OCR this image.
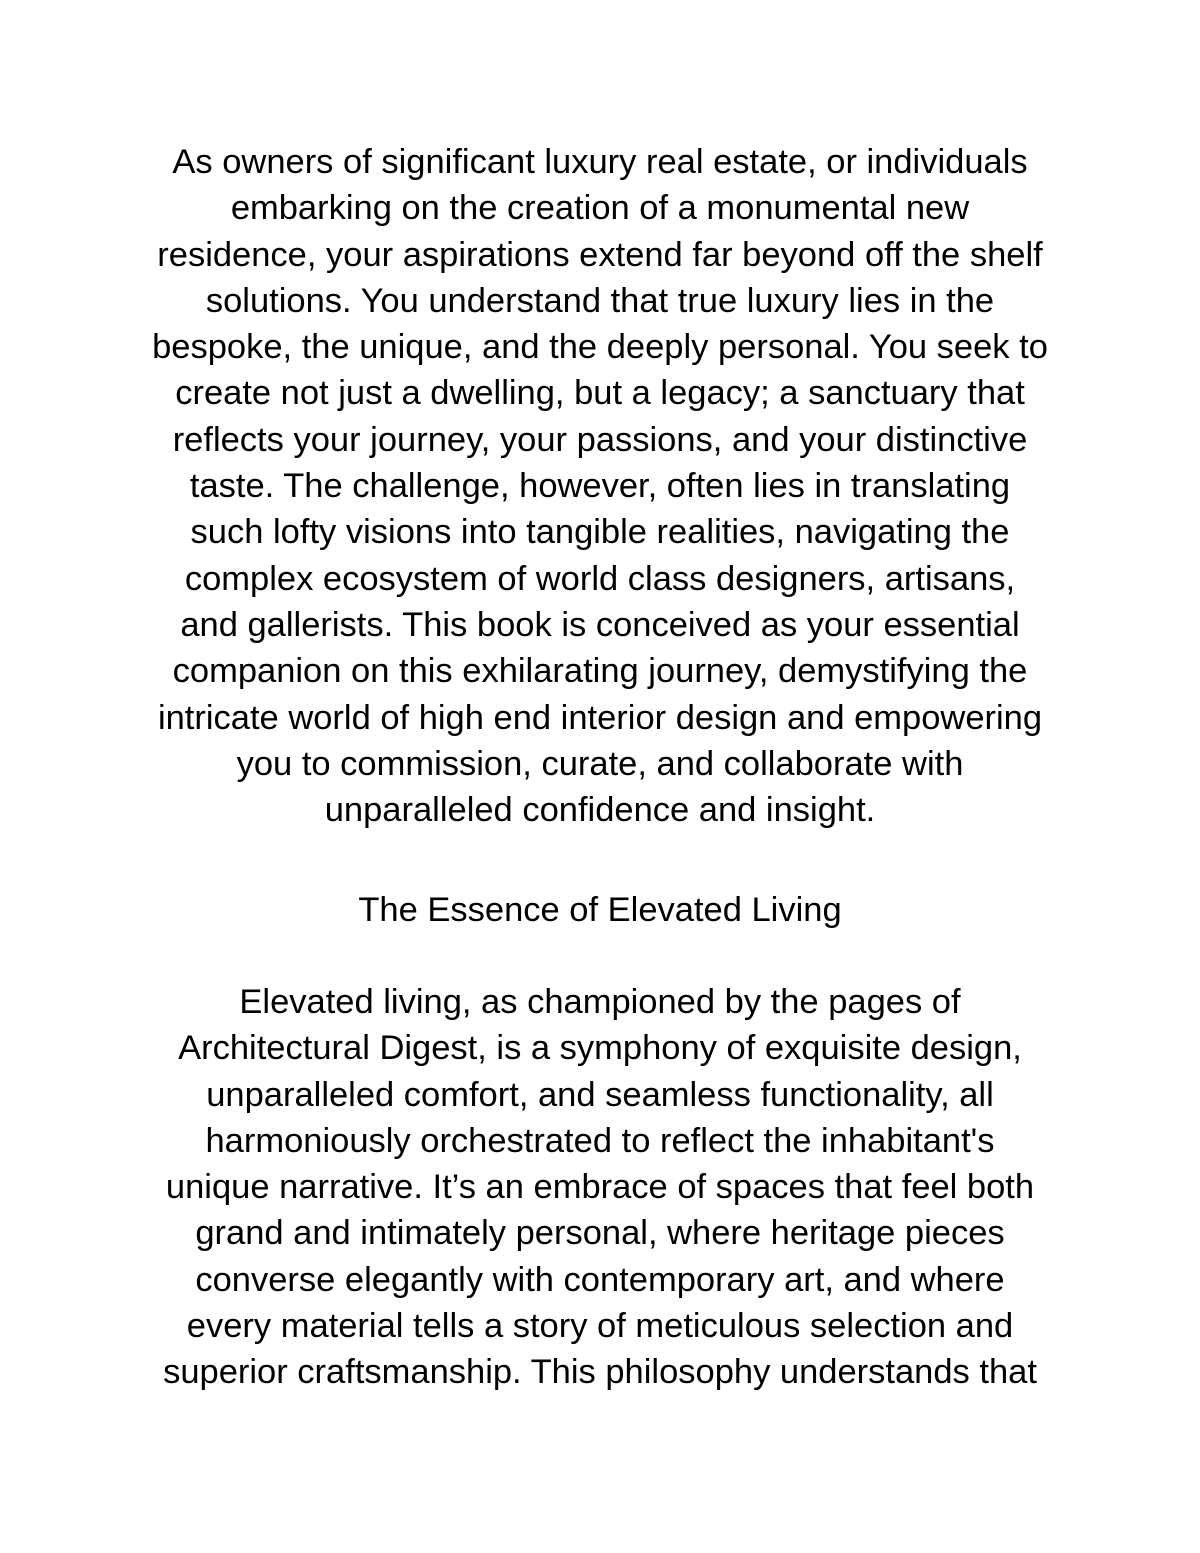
As owners of significant luxury real estate, or individuals
embarking on the creation of a monumental new
residence, your aspirations extend far beyond off the shelf
solutions. You understand that true luxury lies in the
bespoke, the unique, and the deeply personal. You seek to
create not just a dwelling, but a legacy; a sanctuary that
reflects your journey, your passions, and your distinctive
taste. The challenge, however, often lies in translating
such lofty visions into tangible realities, navigating the
complex ecosystem of world class designers, artisans,
and gallerists. This book is conceived as your essential
companion on this exhilarating journey, demystifying the
intricate world of high end interior design and empowering
you to commission, curate, and collaborate with
unparalleled confidence and insight.
The Essence of Elevated Living
Elevated living, as championed by the pages of
Architectural Digest, is a symphony of exquisite design,
unparalleled comfort, and seamless functionality, all
harmoniously orchestrated to reflect the inhabitant's
unique narrative. It’s an embrace of spaces that feel both
grand and intimately personal, where heritage pieces
converse elegantly with contemporary art, and where
every material tells a story of meticulous selection and
superior craftsmanship. This philosophy understands that
